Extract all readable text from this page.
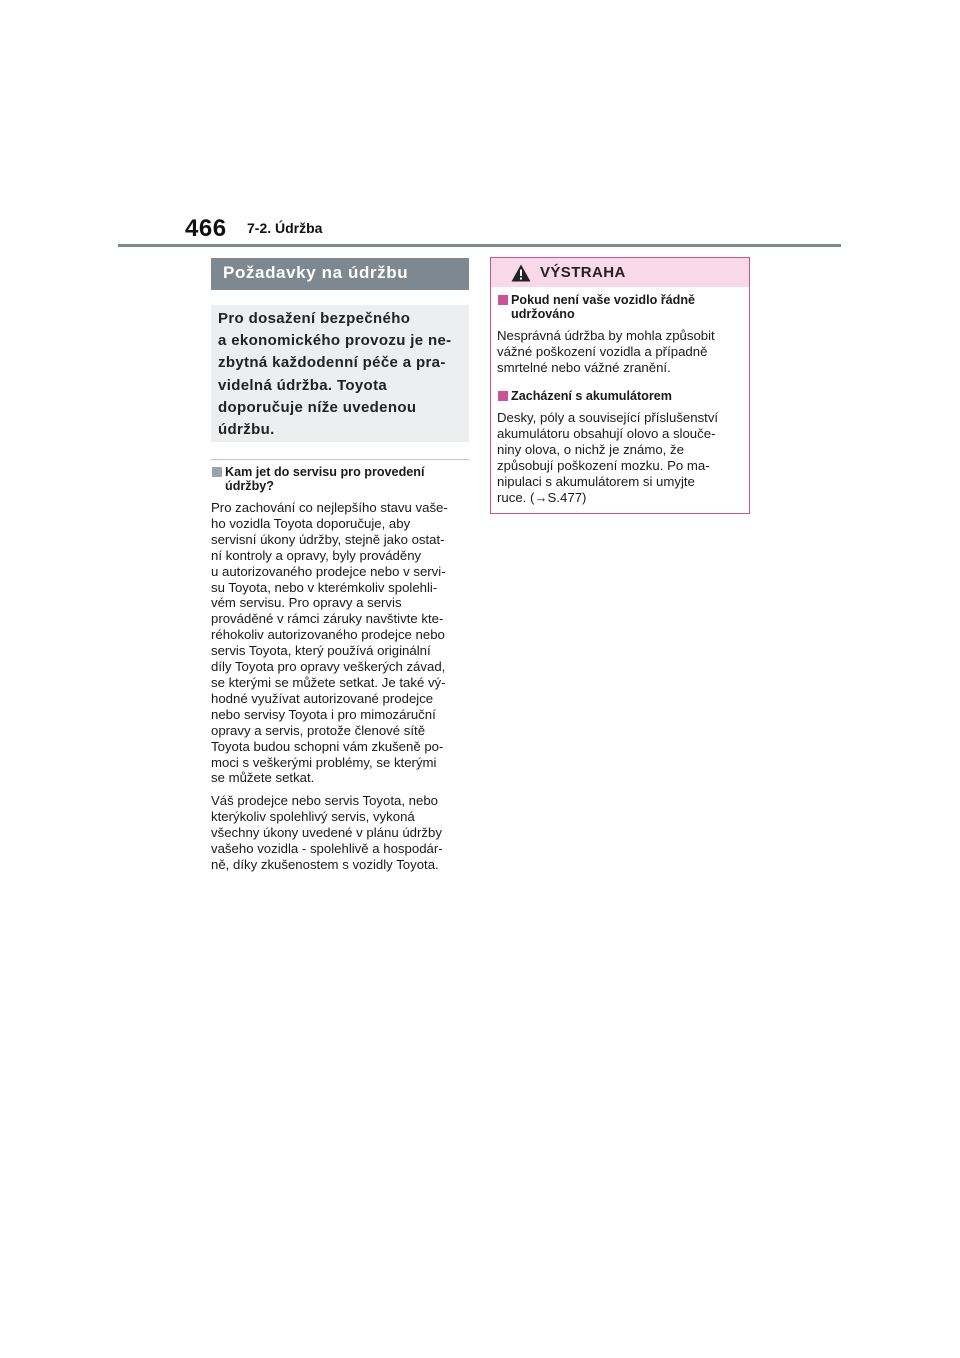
466 7-2. Údržba
Požadavky na údržbu

Pro dosažení bezpečného
a ekonomického provozu je ne-
zbytná každodenní péče a pra-
videlná údržba. Toyota
doporučuje níže uvedenou
údržbu.

Kam jet do servisu pro provedení
údržby?

Pro zachování co nejlepšího stavu vaše-
ho vozidla Toyota doporučuje, aby
servisní úkony údržby, stejně jako ostat-
ní kontroly a opravy, byly prováděny
u autorizovaného prodejce nebo v servi-
su Toyota, nebo v kterémkoliv spolehli-
vém servisu. Pro opravy a servis
prováděné v rámci záruky navštivte kte-
réhokoliv autorizovaného prodejce nebo
servis Toyota, který používá originální
díly Toyota pro opravy veškerých závad,
se kterými se můžete setkat. Je také vý-
hodné využívat autorizované prodejce
nebo servisy Toyota i pro mimozáruční
opravy a servis, protože členové sítě
Toyota budou schopni vám zkušeně po-
moci s veškerými problémy, se kterými
se můžete setkat.

Váš prodejce nebo servis Toyota, nebo
kterýkoliv spolehlivý servis, vykoná
všechny úkony uvedené v plánu údržby
vašeho vozidla - spolehlivě a hospodár-
ně, díky zkušenostem s vozidly Toyota.

VÝSTRAHA

Pokud není vaše vozidlo řádně
udržováno

Nesprávná údržba by mohla způsobit
vážné poškození vozidla a případně
smrtelné nebo vážné zranění.

Zacházení s akumulátorem

Desky, póly a související příslušenství
akumulátoru obsahují olovo a slouče-
niny olova, o nichž je známo, že
způsobují poškození mozku. Po ma-
nipulaci s akumulátorem si umyjte
ruce. (→S.477)
